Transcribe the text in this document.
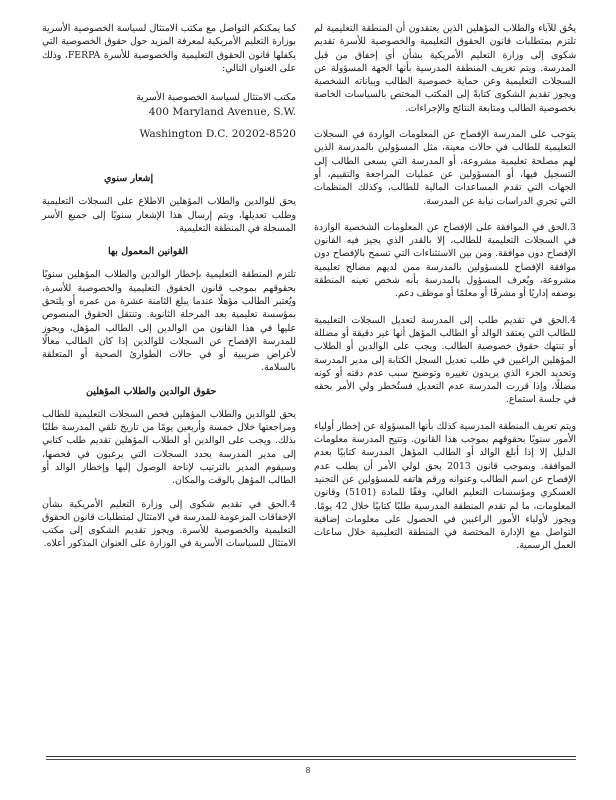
كما يمكنكم التواصل مع مكتب الامتثال لسياسة الخصوصية الأسرية بوزارة التعليم الأمريكية لمعرفة المزيد حول حقوق الخصوصية التي يكفلها قانون الحقوق التعليمية والخصوصية للأسرة FERPA، وذلك على العنوان التالي:

مكتب الامتثال لسياسة الخصوصية الأسرية

400 Maryland Avenue, S.W.

Washington D.C. 20202-8520

إشعار سنوي

يحق للوالدين والطلاب المؤهلين الاطلاع على السجلات التعليمية وطلب تعديلها، ويتم إرسال هذا الإشعار سنويًا إلى جميع الأسر المسجلة في المنطقة التعليمية.

القوانين المعمول بها

تلتزم المنطقة التعليمية بإخطار الوالدين والطلاب المؤهلين سنويًا بحقوقهم بموجب قانون الحقوق التعليمية والخصوصية للأسرة، ويُعتبر الطالب مؤهلًا عندما يبلغ الثامنة عشرة من عمره أو يلتحق بمؤسسة تعليمية بعد المرحلة الثانوية. وتنتقل الحقوق المنصوص عليها في هذا القانون من الوالدين إلى الطالب المؤهل، ويجوز للمدرسة الإفصاح عن السجلات للوالدين إذا كان الطالب معالًا لأغراض ضريبية أو في حالات الطوارئ الصحية أو المتعلقة بالسلامة.

حقوق الوالدين والطلاب المؤهلين

يحق للوالدين والطلاب المؤهلين فحص السجلات التعليمية للطالب ومراجعتها خلال خمسة وأربعين يومًا من تاريخ تلقي المدرسة طلبًا بذلك. ويجب على الوالدين أو الطلاب المؤهلين تقديم طلب كتابي إلى مدير المدرسة يحدد السجلات التي يرغبون في فحصها، وسيقوم المدير بالترتيب لإتاحة الوصول إليها وإخطار الوالد أو الطالب المؤهل بالوقت والمكان.

4.الحق في تقديم شكوى إلى وزارة التعليم الأمريكية بشأن الإخفاقات المزعومة للمدرسة في الامتثال لمتطلبات قانون الحقوق التعليمية والخصوصية للأسرة. ويجوز تقديم الشكوى إلى مكتب الامتثال للسياسات الأسرية في الوزارة على العنوان المذكور أعلاه.

يحُق للآباء والطلاب المؤهلين الذين يعتقدون أن المنطقة التعليمية لم تلتزم بمتطلبات قانون الحقوق التعليمية والخصوصية للأسرة تقديم شكوى إلى وزارة التعليم الأمريكية بشأن أي إخفاق من قبل المدرسة. ويتم تعريف المنطقة المدرسية بأنها الجهة المسؤولة عن السجلات التعليمية وعن حماية خصوصية الطالب وبياناته الشخصية ويجوز تقديم الشكوى كتابةً إلى المكتب المختص بالسياسات الخاصة بخصوصية الطالب ومتابعة النتائج والإجراءات.

يتوجب على المدرسة الإفصاح عن المعلومات الواردة في السجلات التعليمية للطالب في حالات معينة، مثل المسؤولين بالمدرسة الذين لهم مصلحة تعليمية مشروعة، أو المدرسة التي يسعى الطالب إلى التسجيل فيها، أو المسؤولين عن عمليات المراجعة والتقييم، أو الجهات التي تقدم المساعدات المالية للطالب، وكذلك المنظمات التي تجري الدراسات نيابة عن المدرسة.

3.الحق في الموافقة على الإفصاح عن المعلومات الشخصية الواردة في السجلات التعليمية للطالب، إلا بالقدر الذي يجيز فيه القانون الإفصاح دون موافقة. ومن بين الاستثناءات التي تسمح بالإفصاح دون موافقة الإفصاح للمسؤولين بالمدرسة ممن لديهم مصالح تعليمية مشروعة، ويُعرف المسؤول بالمدرسة بأنه شخص تعينه المنطقة بوصفه إداريًا أو مشرفًا أو معلمًا أو موظف دعم.

4.الحق في تقديم طلب إلى المدرسة لتعديل السجلات التعليمية للطالب التي يعتقد الوالد أو الطالب المؤهل أنها غير دقيقة أو مضللة أو تنتهك حقوق خصوصية الطالب. ويجب على الوالدين أو الطلاب المؤهلين الراغبين في طلب تعديل السجل الكتابة إلى مدير المدرسة وتحديد الجزء الذي يريدون تغييره وتوضيح سبب عدم دقته أو كونه مضللًا، وإذا قررت المدرسة عدم التعديل فستُخطر ولي الأمر بحقه في جلسة استماع.

ويتم تعريف المنطقة المدرسية كذلك بأنها المسؤولة عن إخطار أولياء الأمور سنويًا بحقوقهم بموجب هذا القانون. وتتيح المدرسة معلومات الدليل إلا إذا أبلغ الوالد أو الطالب المؤهل المدرسة كتابيًا بعدم الموافقة. وبموجب قانون 2013 يحق لولي الأمر أن يطلب عدم الإفصاح عن اسم الطالب وعنوانه ورقم هاتفه للمسؤولين عن التجنيد العسكري ومؤسسات التعليم العالي، وفقًا للمادة (5101) وقانون المعلومات، ما لم تقدم المنطقة المدرسية طلبًا كتابيًا خلال 42 يومًا. ويجوز لأولياء الأمور الراغبين في الحصول على معلومات إضافية التواصل مع الإدارة المختصة في المنطقة التعليمية خلال ساعات العمل الرسمية.

8
